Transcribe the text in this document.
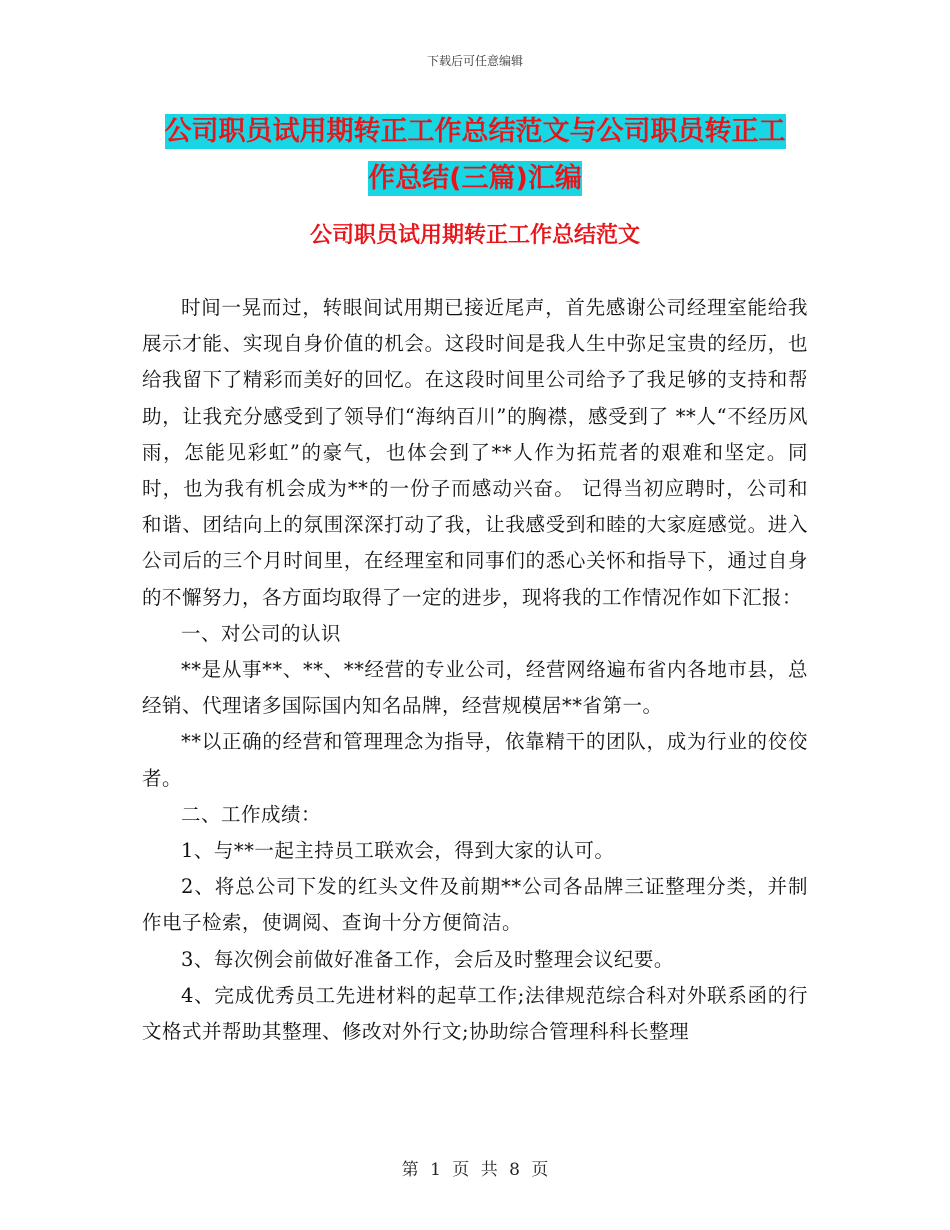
下载后可任意编辑
公司职员试用期转正工作总结范文与公司职员转正工
作总结(三篇)汇编
公司职员试用期转正工作总结范文

时间一晃而过，转眼间试用期已接近尾声，首先感谢公司经理室能给我展示才能、实现自身价值的机会。这段时间是我人生中弥足宝贵的经历，也给我留下了精彩而美好的回忆。在这段时间里公司给予了我足够的支持和帮助，让我充分感受到了领导们“海纳百川”的胸襟，感受到了 **人“不经历风雨，怎能见彩虹”的豪气，也体会到了**人作为拓荒者的艰难和坚定。同时，也为我有机会成为**的一份子而感动兴奋。 记得当初应聘时，公司和和谐、团结向上的氛围深深打动了我，让我感受到和睦的大家庭感觉。进入公司后的三个月时间里，在经理室和同事们的悉心关怀和指导下，通过自身的不懈努力，各方面均取得了一定的进步，现将我的工作情况作如下汇报：

一、对公司的认识

**是从事**、**、**经营的专业公司，经营网络遍布省内各地市县，总经销、代理诸多国际国内知名品牌，经营规模居**省第一。

**以正确的经营和管理理念为指导，依靠精干的团队，成为行业的佼佼者。

二、工作成绩：

1、与**一起主持员工联欢会，得到大家的认可。

2、将总公司下发的红头文件及前期**公司各品牌三证整理分类，并制作电子检索，使调阅、查询十分方便简洁。

3、每次例会前做好准备工作，会后及时整理会议纪要。

4、完成优秀员工先进材料的起草工作;法律规范综合科对外联系函的行文格式并帮助其整理、修改对外行文;协助综合管理科科长整理

第 1 页 共 8 页
